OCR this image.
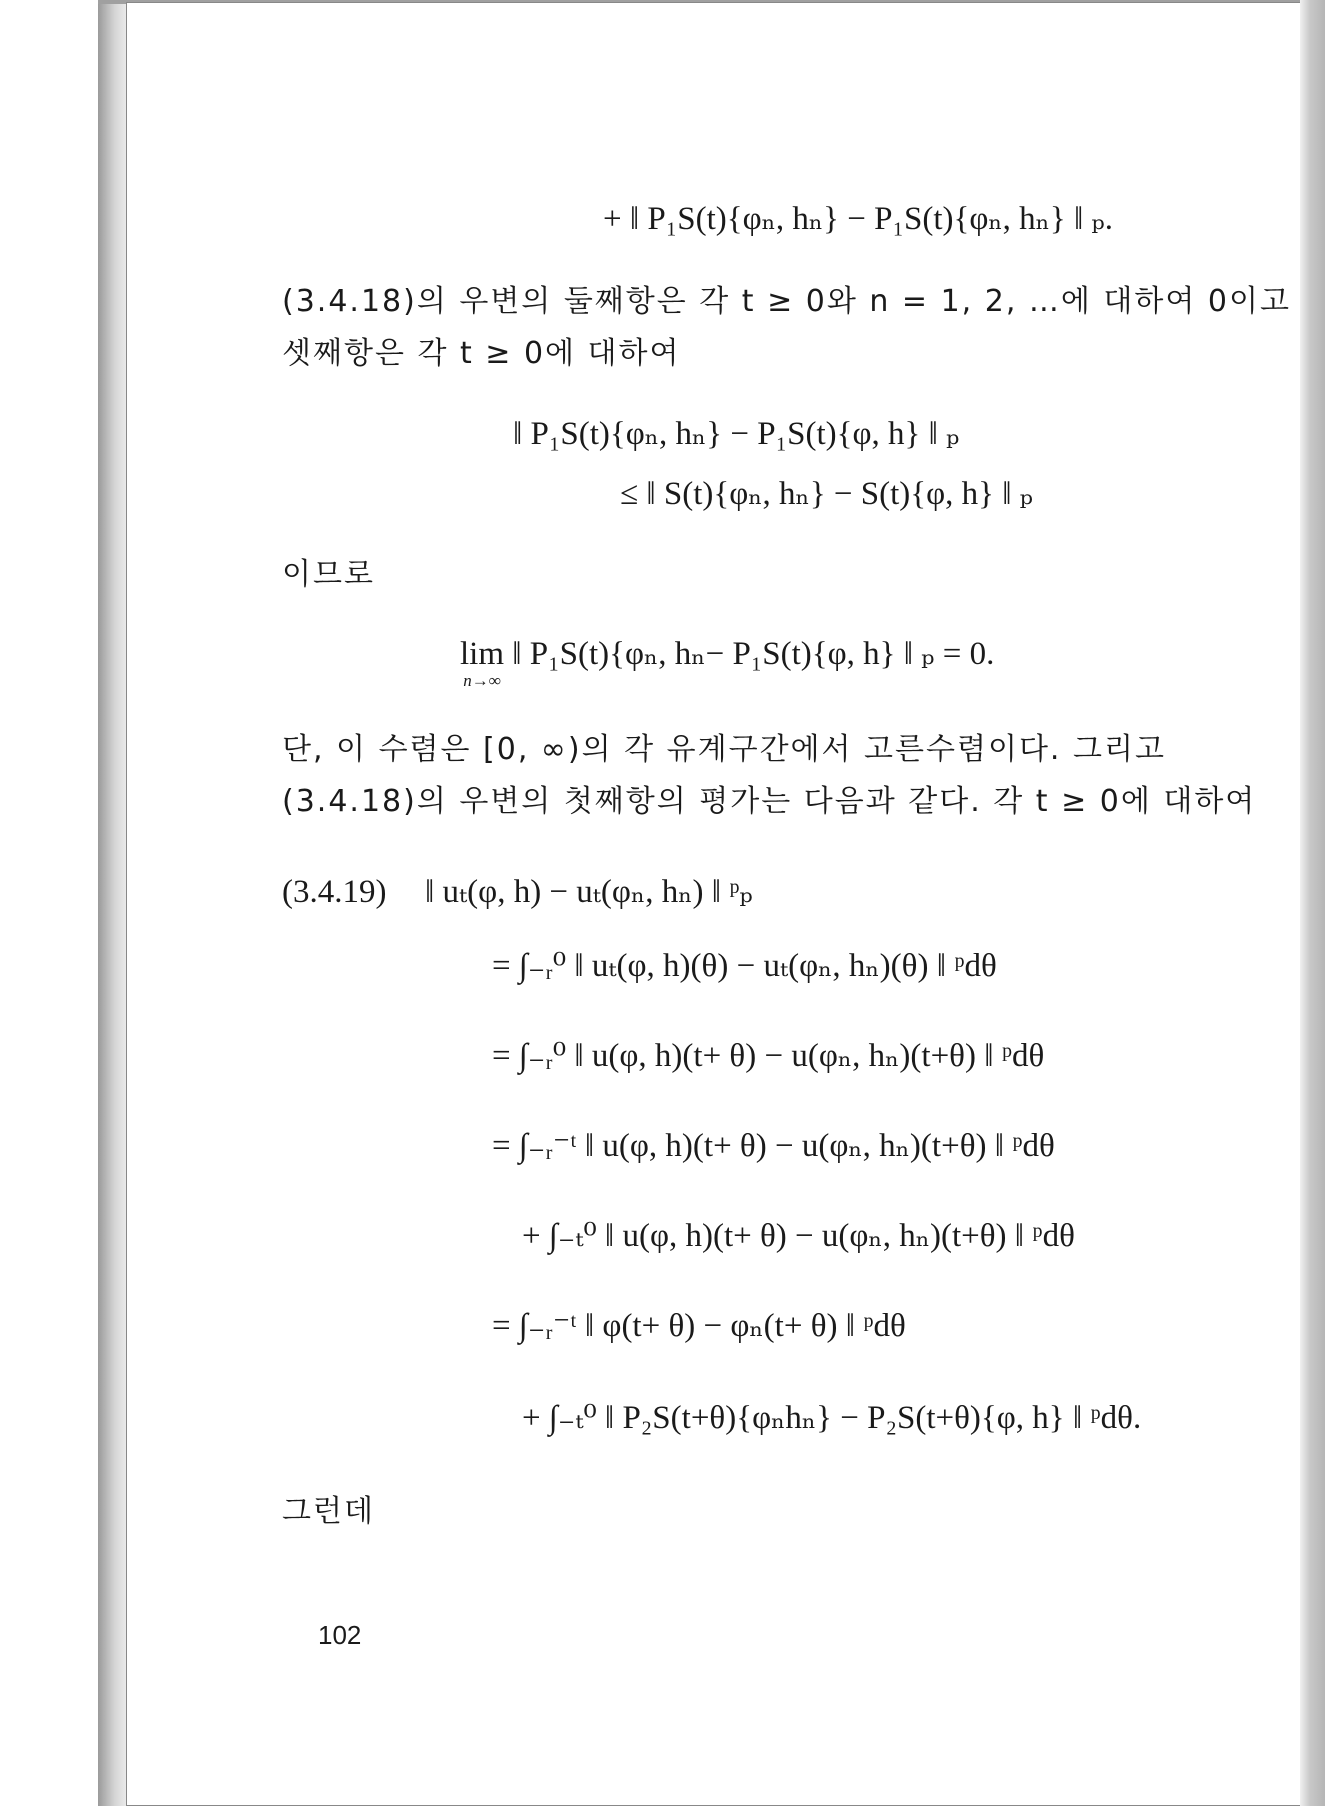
+ ‖ P₁S(t){φₙ, hₙ} − P₁S(t){φₙ, hₙ} ‖ ₚ.
(3.4.18)의 우변의 둘째항은 각 t ≥ 0와 n = 1, 2, …에 대하여 0이고
셋째항은 각 t ≥ 0에 대하여
‖ P₁S(t){φₙ, hₙ} − P₁S(t){φ, h} ‖ ₚ
≤ ‖ S(t){φₙ, hₙ} − S(t){φ, h} ‖ ₚ
이므로
lim
n→∞
‖ P₁S(t){φₙ, hₙ− P₁S(t){φ, h} ‖ ₚ = 0.
단, 이 수렴은 [0, ∞)의 각 유계구간에서 고른수렴이다. 그리고
(3.4.18)의 우변의 첫째항의 평가는 다음과 같다. 각 t ≥ 0에 대하여
(3.4.19) ‖ uₜ(φ, h) − uₜ(φₙ, hₙ) ‖ ᵖₚ
= ∫₋ᵣ⁰ ‖ uₜ(φ, h)(θ) − uₜ(φₙ, hₙ)(θ) ‖ ᵖdθ
= ∫₋ᵣ⁰ ‖ u(φ, h)(t+ θ) − u(φₙ, hₙ)(t+θ) ‖ ᵖdθ
= ∫₋ᵣ⁻ᵗ ‖ u(φ, h)(t+ θ) − u(φₙ, hₙ)(t+θ) ‖ ᵖdθ
+ ∫₋ₜ⁰ ‖ u(φ, h)(t+ θ) − u(φₙ, hₙ)(t+θ) ‖ ᵖdθ
= ∫₋ᵣ⁻ᵗ ‖ φ(t+ θ) − φₙ(t+ θ) ‖ ᵖdθ
+ ∫₋ₜ⁰ ‖ P₂S(t+θ){φₙhₙ} − P₂S(t+θ){φ, h} ‖ ᵖdθ.
그런데
102
